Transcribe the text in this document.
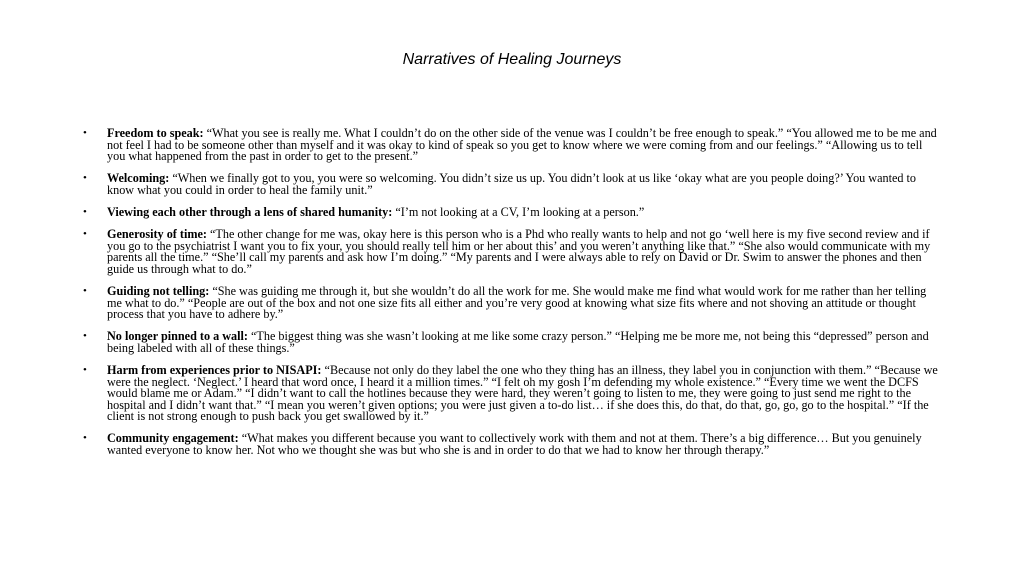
Narratives of Healing Journeys
• Freedom to speak: “What you see is really me. What I couldn’t do on the other side of the venue was I couldn’t be free enough to speak.” “You allowed me to be me and not feel I had to be someone other than myself and it was okay to kind of speak so you get to know where we were coming from and our feelings.” “Allowing us to tell you what happened from the past in order to get to the present.”
• Welcoming: “When we finally got to you, you were so welcoming. You didn’t size us up. You didn’t look at us like ‘okay what are you people doing?’ You wanted to know what you could in order to heal the family unit.”
• Viewing each other through a lens of shared humanity: “I’m not looking at a CV, I’m looking at a person.”
• Generosity of time: “The other change for me was, okay here is this person who is a Phd who really wants to help and not go ‘well here is my five second review and if you go to the psychiatrist I want you to fix your, you should really tell him or her about this’ and you weren’t anything like that.” “She also would communicate with my parents all the time.” “She’ll call my parents and ask how I’m doing.” “My parents and I were always able to rely on David or Dr. Swim to answer the phones and then guide us through what to do.”
• Guiding not telling: “She was guiding me through it, but she wouldn’t do all the work for me. She would make me find what would work for me rather than her telling me what to do.” “People are out of the box and not one size fits all either and you’re very good at knowing what size fits where and not shoving an attitude or thought process that you have to adhere by.”
• No longer pinned to a wall: “The biggest thing was she wasn’t looking at me like some crazy person.” “Helping me be more me, not being this “depressed” person and being labeled with all of these things.”
• Harm from experiences prior to NISAPI: “Because not only do they label the one who they thing has an illness, they label you in conjunction with them.” “Because we were the neglect. ‘Neglect.’ I heard that word once, I heard it a million times.” “I felt oh my gosh I’m defending my whole existence.” “Every time we went the DCFS would blame me or Adam.” “I didn’t want to call the hotlines because they were hard, they weren’t going to listen to me, they were going to just send me right to the hospital and I didn’t want that.” “I mean you weren’t given options; you were just given a to-do list… if she does this, do that, do that, go, go, go to the hospital.” “If the client is not strong enough to push back you get swallowed by it.”
• Community engagement: “What makes you different because you want to collectively work with them and not at them. There’s a big difference… But you genuinely wanted everyone to know her. Not who we thought she was but who she is and in order to do that we had to know her through therapy.”
